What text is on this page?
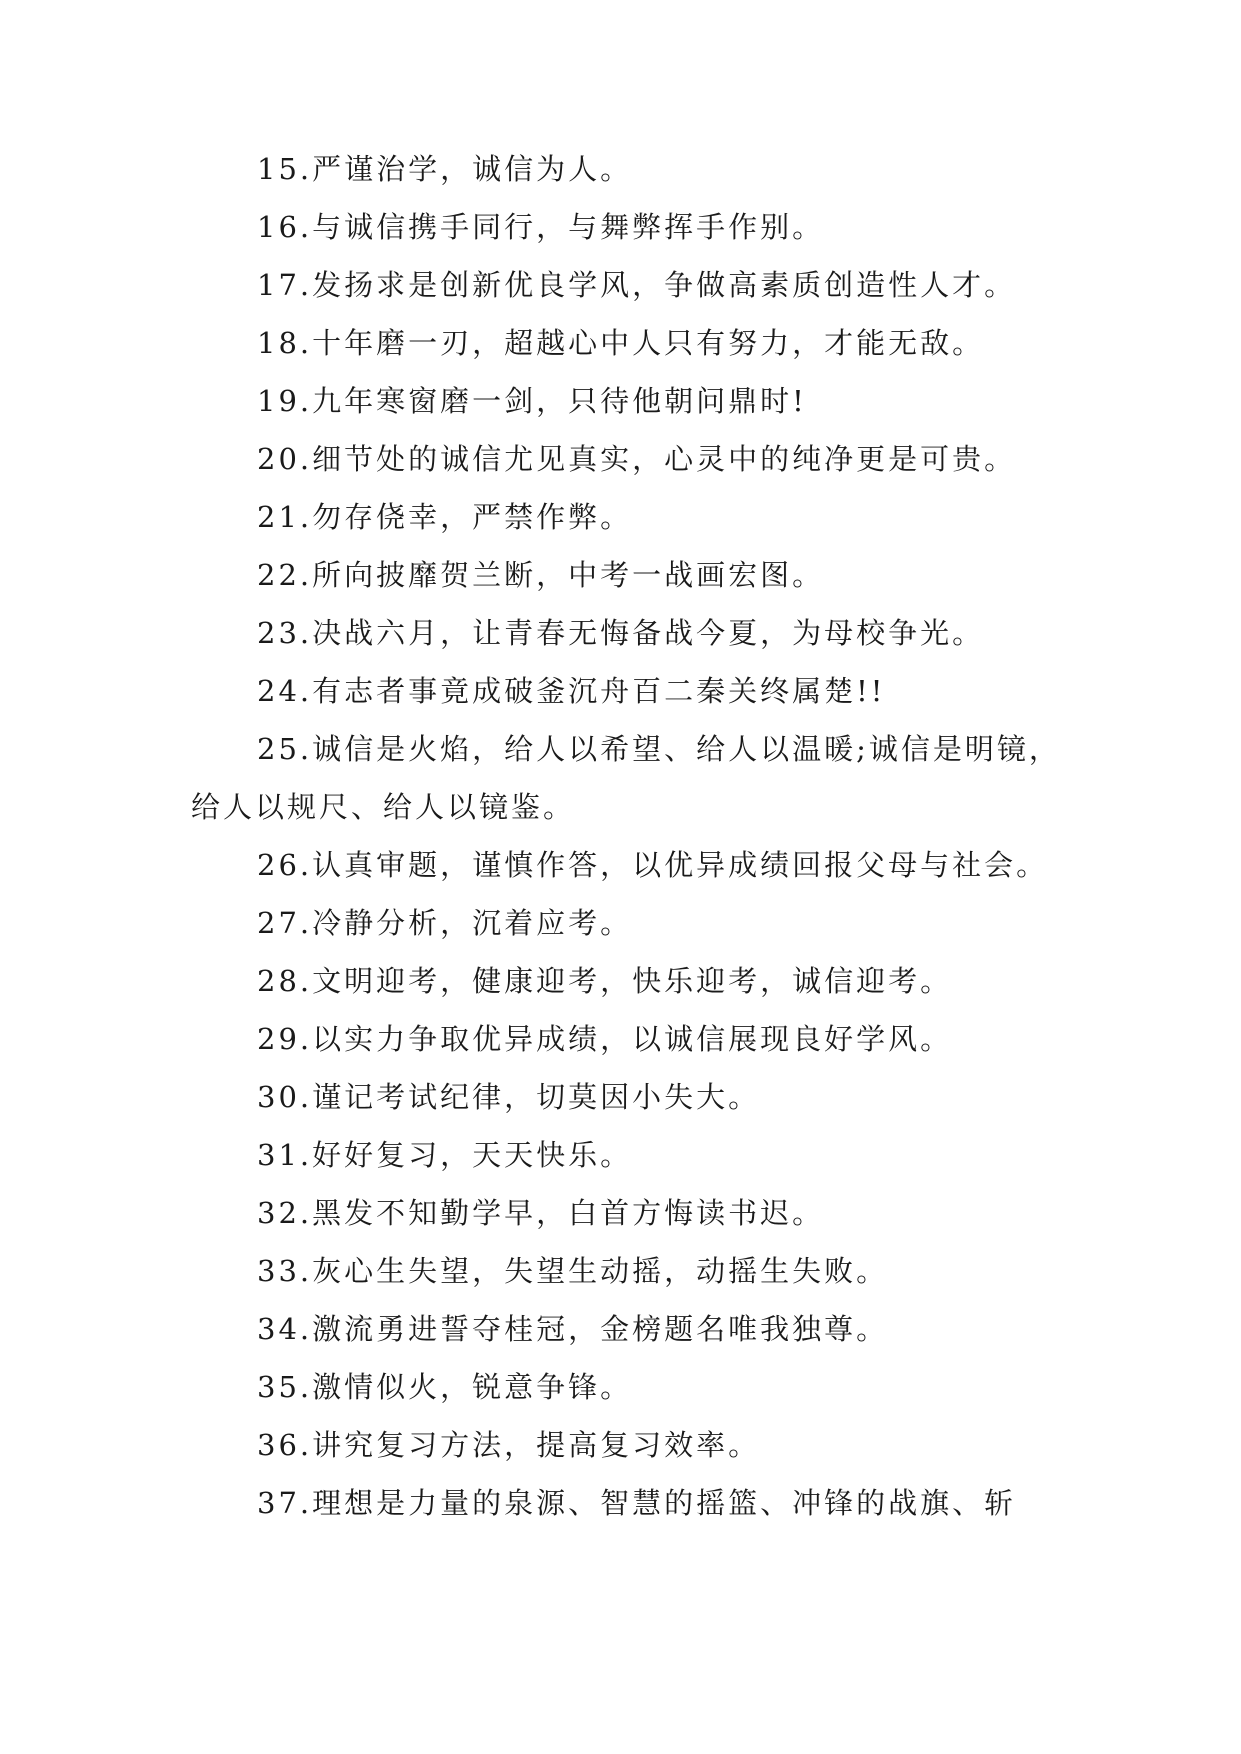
15.严谨治学，诚信为人。
16.与诚信携手同行，与舞弊挥手作别。
17.发扬求是创新优良学风，争做高素质创造性人才。
18.十年磨一刃，超越心中人只有努力，才能无敌。
19.九年寒窗磨一剑，只待他朝问鼎时!
20.细节处的诚信尤见真实，心灵中的纯净更是可贵。
21.勿存侥幸，严禁作弊。
22.所向披靡贺兰断，中考一战画宏图。
23.决战六月，让青春无悔备战今夏，为母校争光。
24.有志者事竟成破釜沉舟百二秦关终属楚!!
25.诚信是火焰，给人以希望、给人以温暖;诚信是明镜，
给人以规尺、给人以镜鉴。
26.认真审题，谨慎作答，以优异成绩回报父母与社会。
27.冷静分析，沉着应考。
28.文明迎考，健康迎考，快乐迎考，诚信迎考。
29.以实力争取优异成绩，以诚信展现良好学风。
30.谨记考试纪律，切莫因小失大。
31.好好复习，天天快乐。
32.黑发不知勤学早，白首方悔读书迟。
33.灰心生失望，失望生动摇，动摇生失败。
34.激流勇进誓夺桂冠，金榜题名唯我独尊。
35.激情似火，锐意争锋。
36.讲究复习方法，提高复习效率。
37.理想是力量的泉源、智慧的摇篮、冲锋的战旗、斩
